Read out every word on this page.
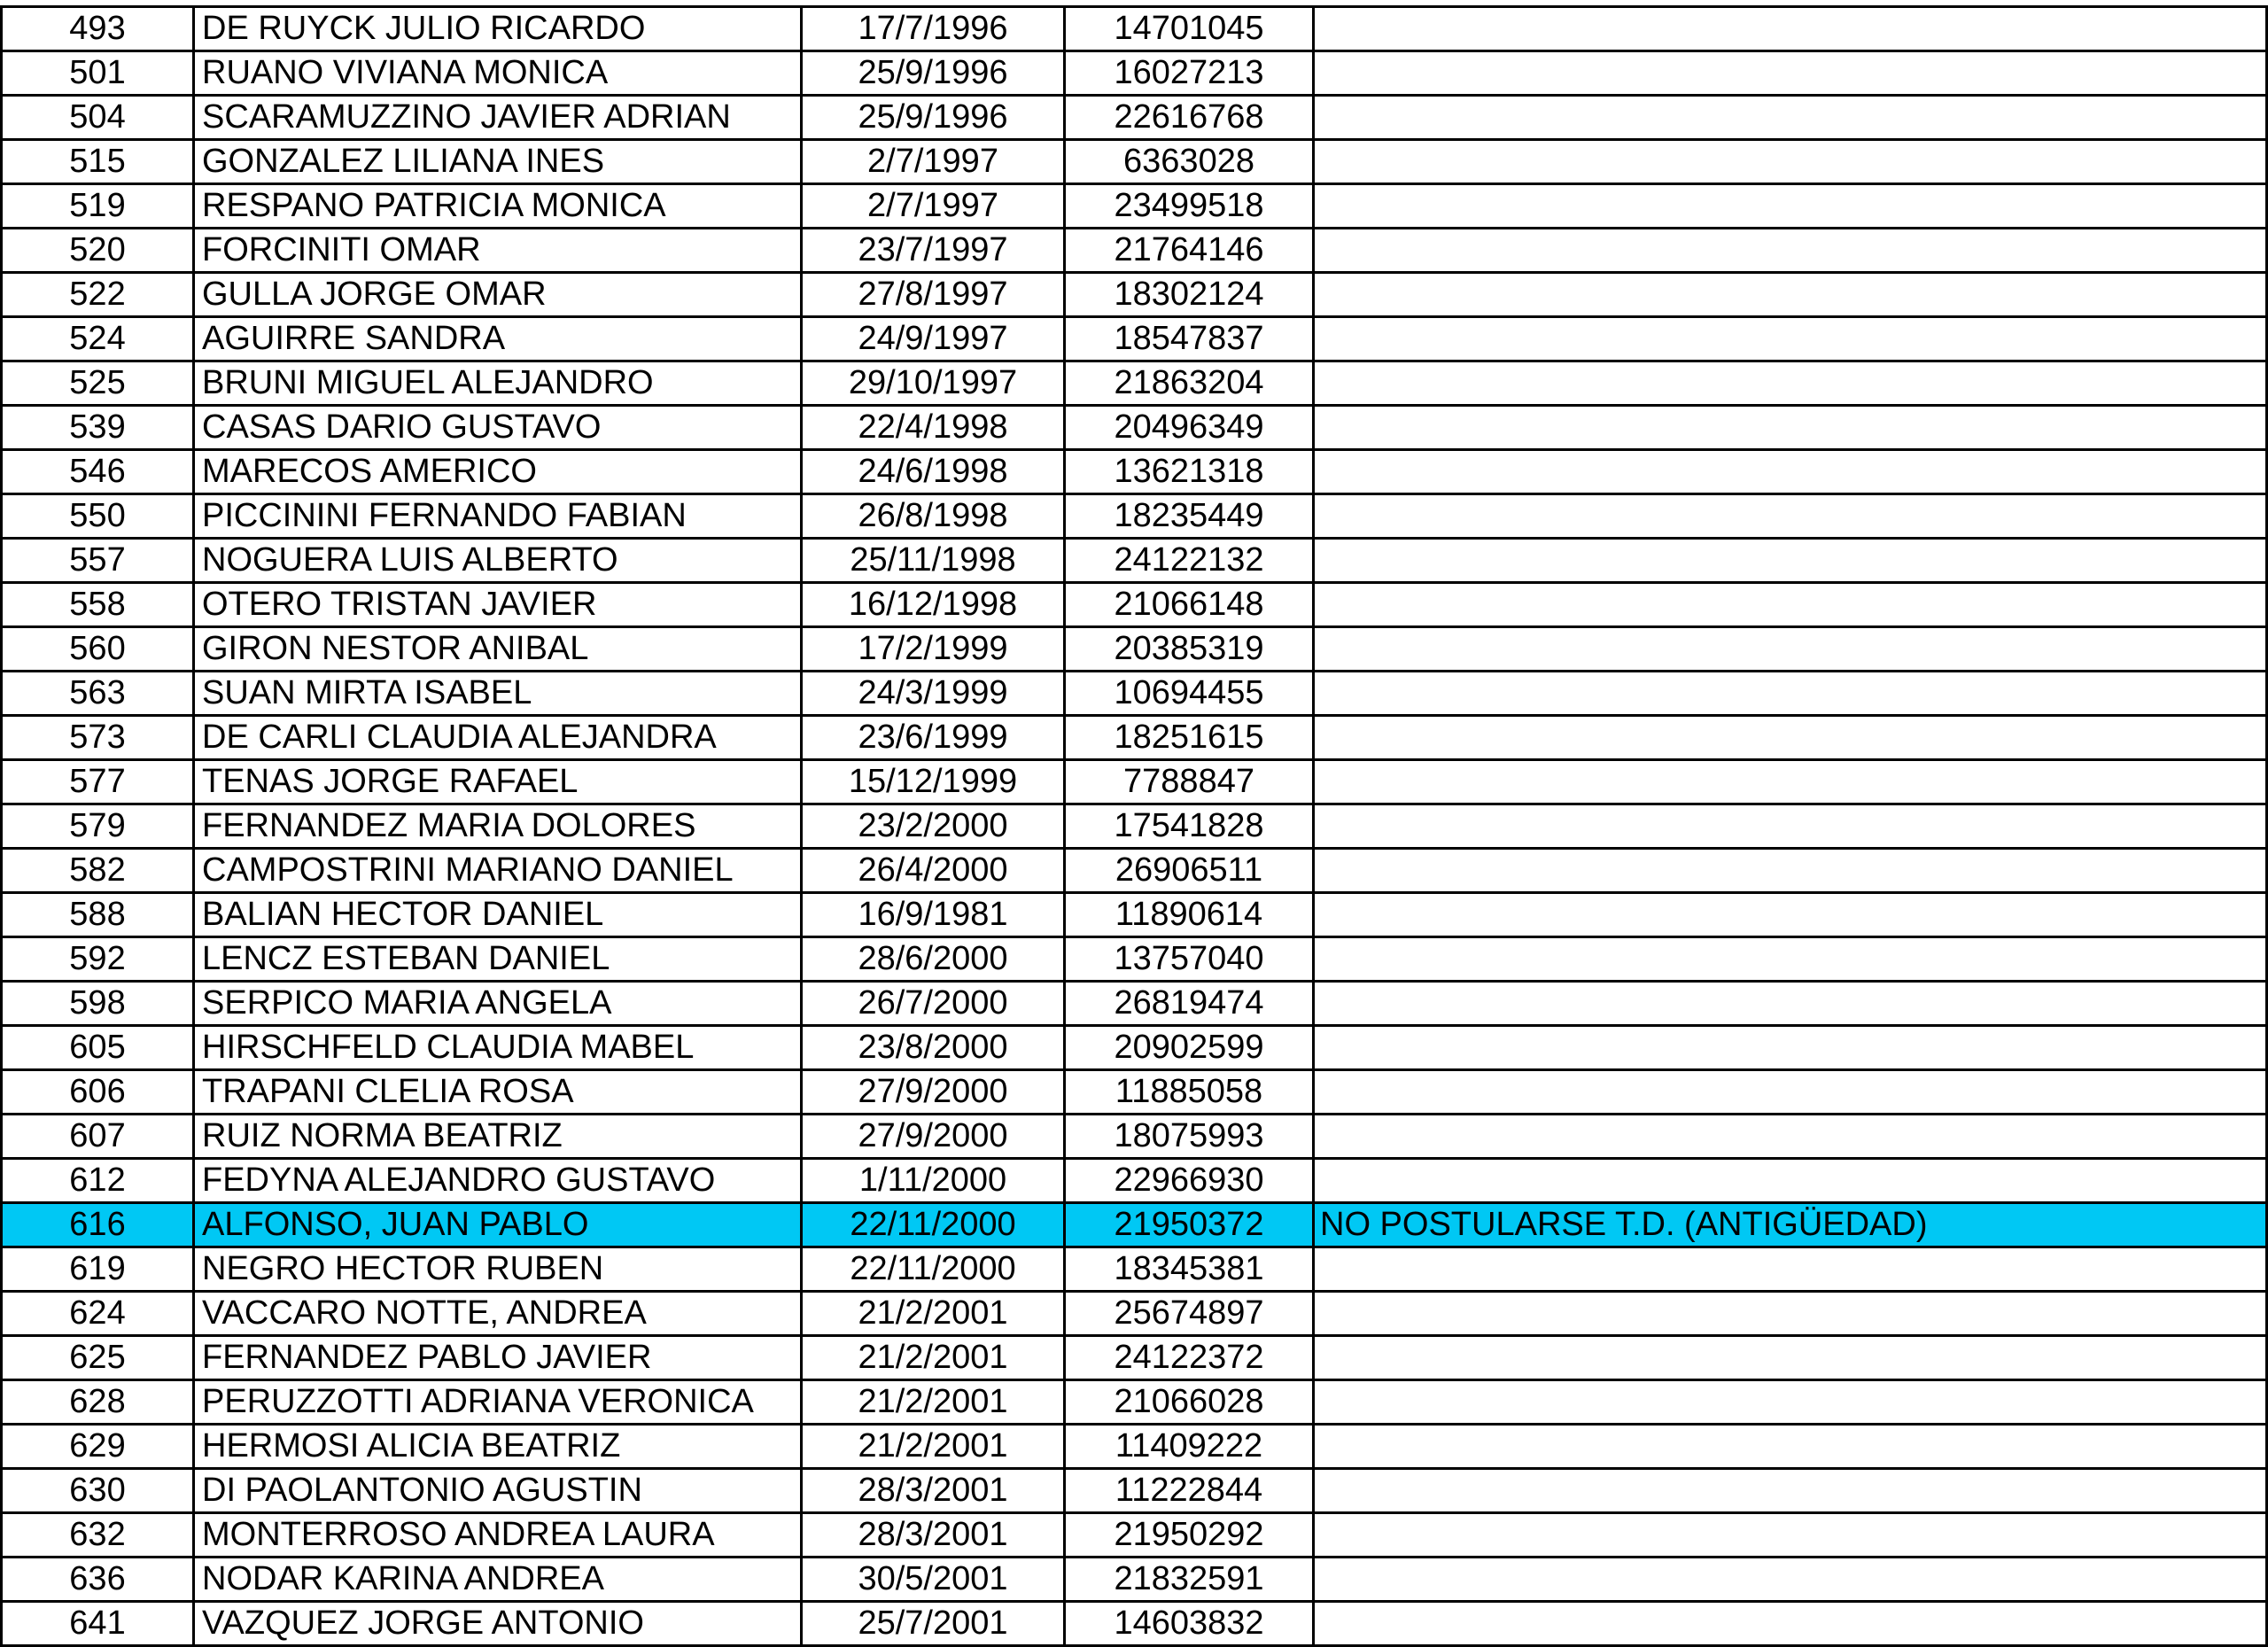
493	DE RUYCK JULIO RICARDO	17/7/1996	14701045	
501	RUANO VIVIANA MONICA	25/9/1996	16027213	
504	SCARAMUZZINO JAVIER ADRIAN	25/9/1996	22616768	
515	GONZALEZ LILIANA INES	2/7/1997	6363028	
519	RESPANO PATRICIA MONICA	2/7/1997	23499518	
520	FORCINITI OMAR	23/7/1997	21764146	
522	GULLA JORGE OMAR	27/8/1997	18302124	
524	AGUIRRE SANDRA	24/9/1997	18547837	
525	BRUNI MIGUEL ALEJANDRO	29/10/1997	21863204	
539	CASAS DARIO GUSTAVO	22/4/1998	20496349	
546	MARECOS AMERICO	24/6/1998	13621318	
550	PICCININI FERNANDO FABIAN	26/8/1998	18235449	
557	NOGUERA LUIS ALBERTO	25/11/1998	24122132	
558	OTERO TRISTAN JAVIER	16/12/1998	21066148	
560	GIRON NESTOR ANIBAL	17/2/1999	20385319	
563	SUAN MIRTA ISABEL	24/3/1999	10694455	
573	DE CARLI CLAUDIA ALEJANDRA	23/6/1999	18251615	
577	TENAS JORGE RAFAEL	15/12/1999	7788847	
579	FERNANDEZ MARIA DOLORES	23/2/2000	17541828	
582	CAMPOSTRINI MARIANO DANIEL	26/4/2000	26906511	
588	BALIAN HECTOR DANIEL	16/9/1981	11890614	
592	LENCZ ESTEBAN DANIEL	28/6/2000	13757040	
598	SERPICO MARIA ANGELA	26/7/2000	26819474	
605	HIRSCHFELD CLAUDIA MABEL	23/8/2000	20902599	
606	TRAPANI CLELIA ROSA	27/9/2000	11885058	
607	RUIZ NORMA BEATRIZ	27/9/2000	18075993	
612	FEDYNA ALEJANDRO GUSTAVO	1/11/2000	22966930	
616	ALFONSO, JUAN PABLO	22/11/2000	21950372	NO POSTULARSE T.D. (ANTIGÜEDAD)
619	NEGRO HECTOR RUBEN	22/11/2000	18345381	
624	VACCARO NOTTE, ANDREA	21/2/2001	25674897	
625	FERNANDEZ PABLO JAVIER	21/2/2001	24122372	
628	PERUZZOTTI ADRIANA VERONICA	21/2/2001	21066028	
629	HERMOSI ALICIA BEATRIZ	21/2/2001	11409222	
630	DI PAOLANTONIO AGUSTIN	28/3/2001	11222844	
632	MONTERROSO ANDREA LAURA	28/3/2001	21950292	
636	NODAR KARINA ANDREA	30/5/2001	21832591	
641	VAZQUEZ JORGE ANTONIO	25/7/2001	14603832	
